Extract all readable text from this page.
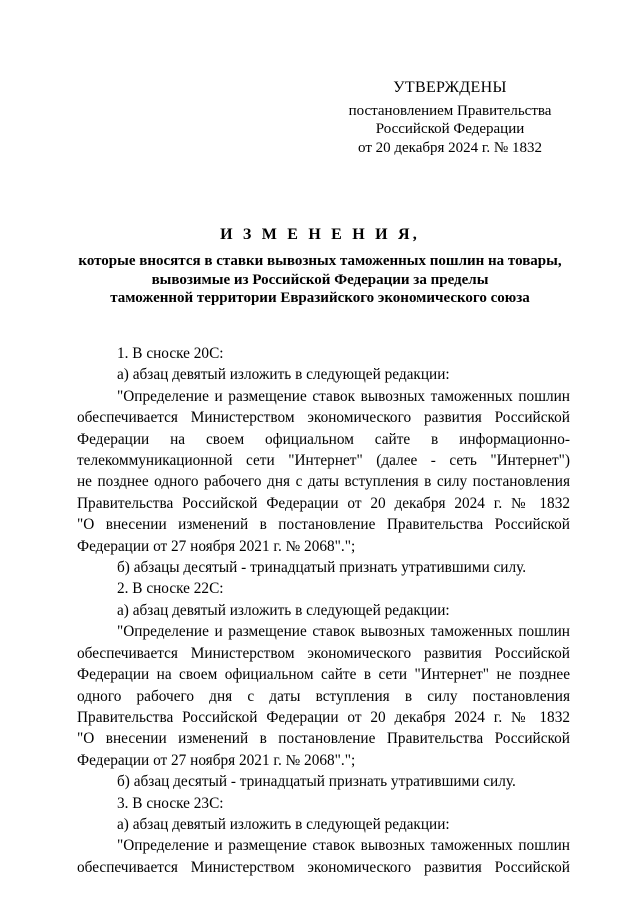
УТВЕРЖДЕНЫ
постановлением Правительства
Российской Федерации
от 20 декабря 2024 г. № 1832
И З М Е Н Е Н И Я,
которые вносятся в ставки вывозных таможенных пошлин на товары,
вывозимые из Российской Федерации за пределы
таможенной территории Евразийского экономического союза

1. В сноске 20С:

а) абзац девятый изложить в следующей редакции:

"Определение и размещение ставок вывозных таможенных пошлин

обеспечивается Министерством экономического развития Российской

Федерации на своем официальном сайте в информационно-

телекоммуникационной сети "Интернет" (далее - сеть "Интернет")

не позднее одного рабочего дня с даты вступления в силу постановления

Правительства Российской Федерации от 20 декабря 2024 г. № 1832

"О внесении изменений в постановление Правительства Российской

Федерации от 27 ноября 2021 г. № 2068".";

б) абзацы десятый - тринадцатый признать утратившими силу.

2. В сноске 22С:

а) абзац девятый изложить в следующей редакции:

"Определение и размещение ставок вывозных таможенных пошлин

обеспечивается Министерством экономического развития Российской

Федерации на своем официальном сайте в сети "Интернет" не позднее

одного рабочего дня с даты вступления в силу постановления

Правительства Российской Федерации от 20 декабря 2024 г. № 1832

"О внесении изменений в постановление Правительства Российской

Федерации от 27 ноября 2021 г. № 2068".";

б) абзац десятый - тринадцатый признать утратившими силу.

3. В сноске 23С:

а) абзац девятый изложить в следующей редакции:

"Определение и размещение ставок вывозных таможенных пошлин

обеспечивается Министерством экономического развития Российской
